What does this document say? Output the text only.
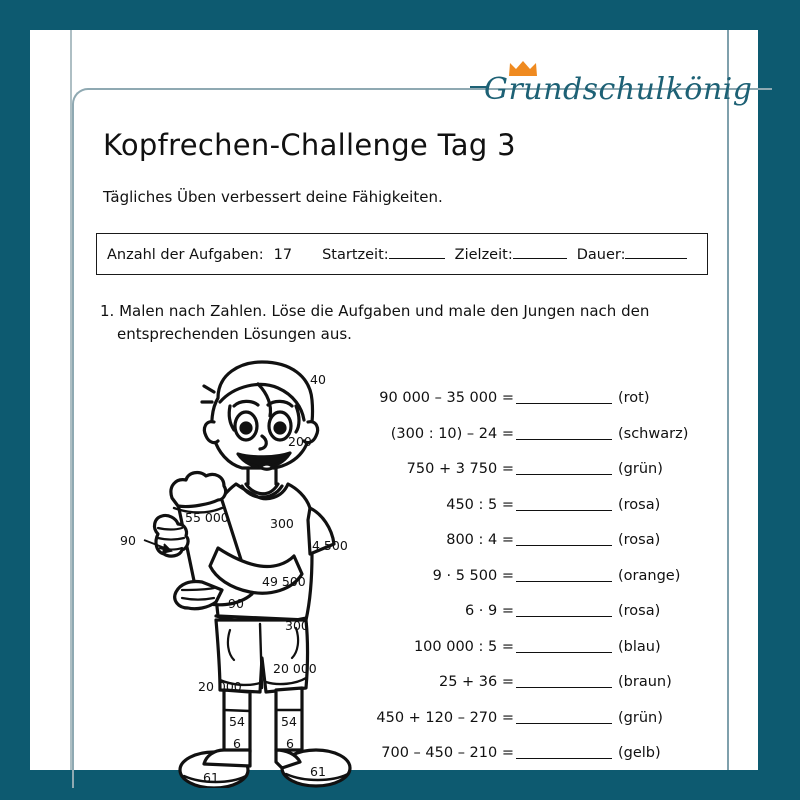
Grundschulkönig
Kopfrechen-Challenge Tag 3
Tägliches Üben verbessert deine Fähigkeiten.
Anzahl der Aufgaben: 17 Startzeit:	Zielzeit:	Dauer:
1. Malen nach Zahlen. Löse die Aufgaben und male den Jungen nach den
entsprechenden Lösungen aus.
40
200
55 000	300
4 500
49 500
90
90
300
20 000
20 000
54	54
6	6
61	61
90 000 – 35 000 =	(rot)
(300 : 10) – 24 =	(schwarz)
750 + 3 750 =	(grün)
450 : 5 =	(rosa)
800 : 4 =	(rosa)
9 · 5 500 =	(orange)
6 · 9 =	(rosa)
100 000 : 5 =	(blau)
25 + 36 =	(braun)
450 + 120 – 270 =	(grün)
700 – 450 – 210 =	(gelb)
